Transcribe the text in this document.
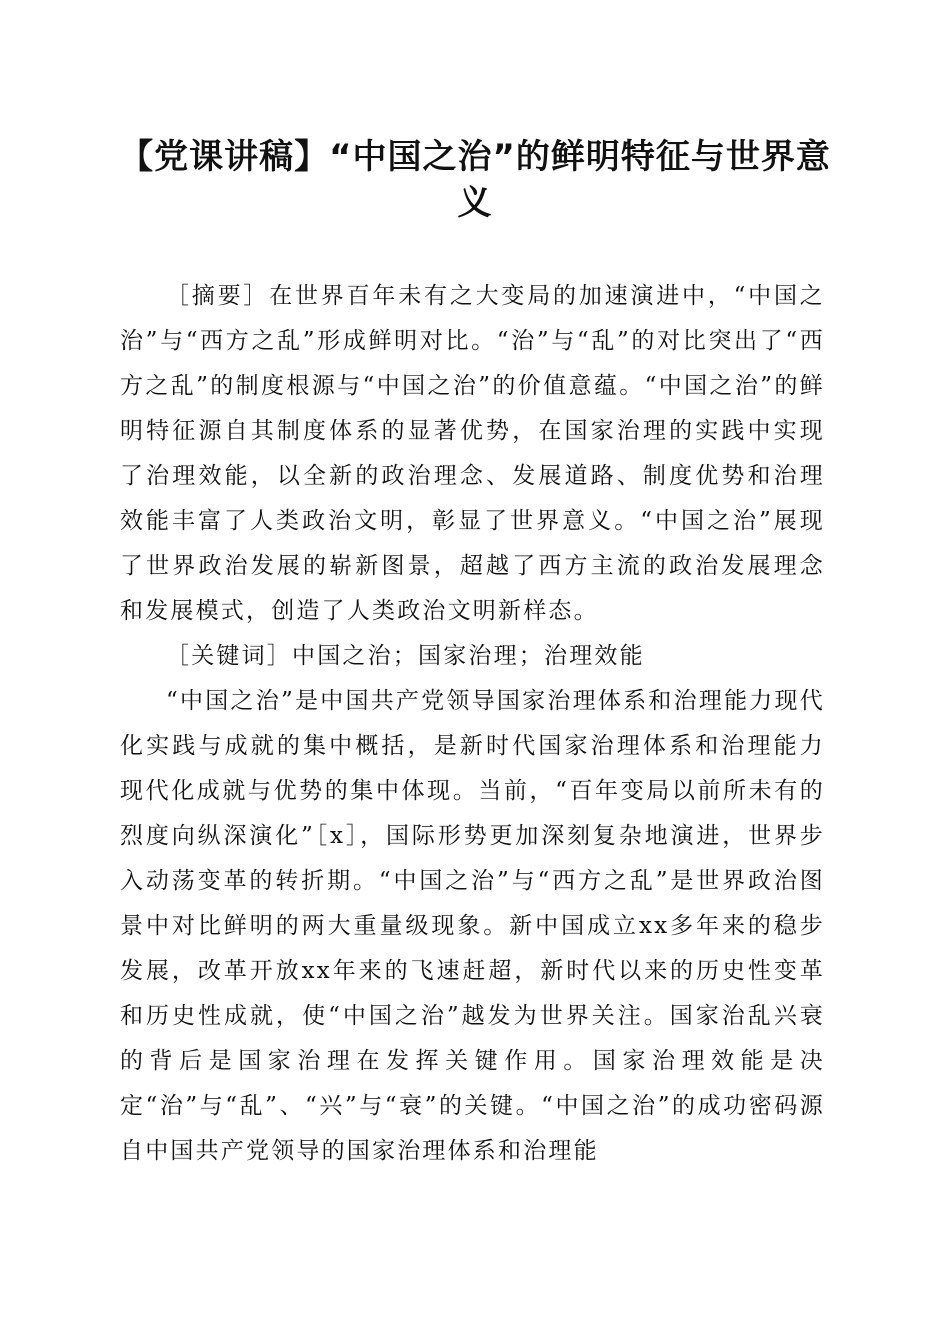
【党课讲稿】“中国之治”的鲜明特征与世界意义

［摘要］在世界百年未有之大变局的加速演进中，“中国之治”与“西方之乱”形成鲜明对比。“治”与“乱”的对比突出了“西方之乱”的制度根源与“中国之治”的价值意蕴。“中国之治”的鲜明特征源自其制度体系的显著优势，在国家治理的实践中实现了治理效能，以全新的政治理念、发展道路、制度优势和治理效能丰富了人类政治文明，彰显了世界意义。“中国之治”展现了世界政治发展的崭新图景，超越了西方主流的政治发展理念和发展模式，创造了人类政治文明新样态。

［关键词］中国之治；国家治理；治理效能

“中国之治”是中国共产党领导国家治理体系和治理能力现代化实践与成就的集中概括，是新时代国家治理体系和治理能力现代化成就与优势的集中体现。当前，“百年变局以前所未有的烈度向纵深演化”［x］，国际形势更加深刻复杂地演进，世界步入动荡变革的转折期。“中国之治”与“西方之乱”是世界政治图景中对比鲜明的两大重量级现象。新中国成立xx多年来的稳步发展，改革开放xx年来的飞速赶超，新时代以来的历史性变革和历史性成就，使“中国之治”越发为世界关注。国家治乱兴衰的背后是国家治理在发挥关键作用。国家治理效能是决定“治”与“乱”、“兴”与“衰”的关键。“中国之治”的成功密码源自中国共产党领导的国家治理体系和治理能
